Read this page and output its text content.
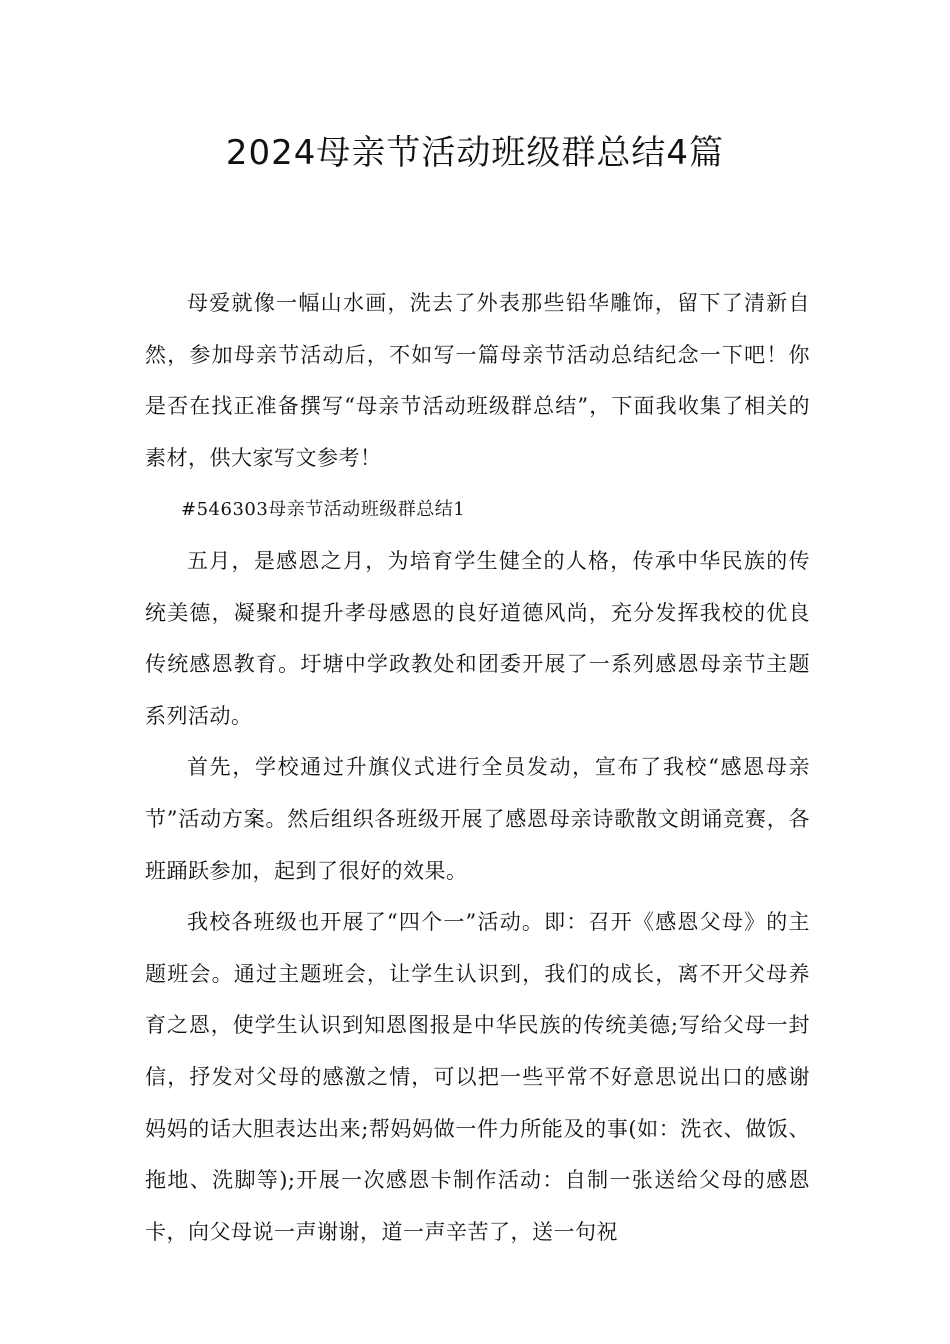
2024母亲节活动班级群总结4篇

母爱就像一幅山水画，洗去了外表那些铅华雕饰，留下了清新自然，参加母亲节活动后，不如写一篇母亲节活动总结纪念一下吧！你是否在找正准备撰写“母亲节活动班级群总结”，下面我收集了相关的素材，供大家写文参考！

#546303母亲节活动班级群总结1

五月，是感恩之月，为培育学生健全的人格，传承中华民族的传统美德，凝聚和提升孝母感恩的良好道德风尚，充分发挥我校的优良传统感恩教育。圩塘中学政教处和团委开展了一系列感恩母亲节主题系列活动。

首先，学校通过升旗仪式进行全员发动，宣布了我校“感恩母亲节”活动方案。然后组织各班级开展了感恩母亲诗歌散文朗诵竞赛，各班踊跃参加，起到了很好的效果。

我校各班级也开展了“四个一”活动。即：召开《感恩父母》的主题班会。通过主题班会，让学生认识到，我们的成长，离不开父母养育之恩，使学生认识到知恩图报是中华民族的传统美德;写给父母一封信，抒发对父母的感激之情，可以把一些平常不好意思说出口的感谢妈妈的话大胆表达出来;帮妈妈做一件力所能及的事(如：洗衣、做饭、拖地、洗脚等);开展一次感恩卡制作活动：自制一张送给父母的感恩卡，向父母说一声谢谢，道一声辛苦了，送一句祝
